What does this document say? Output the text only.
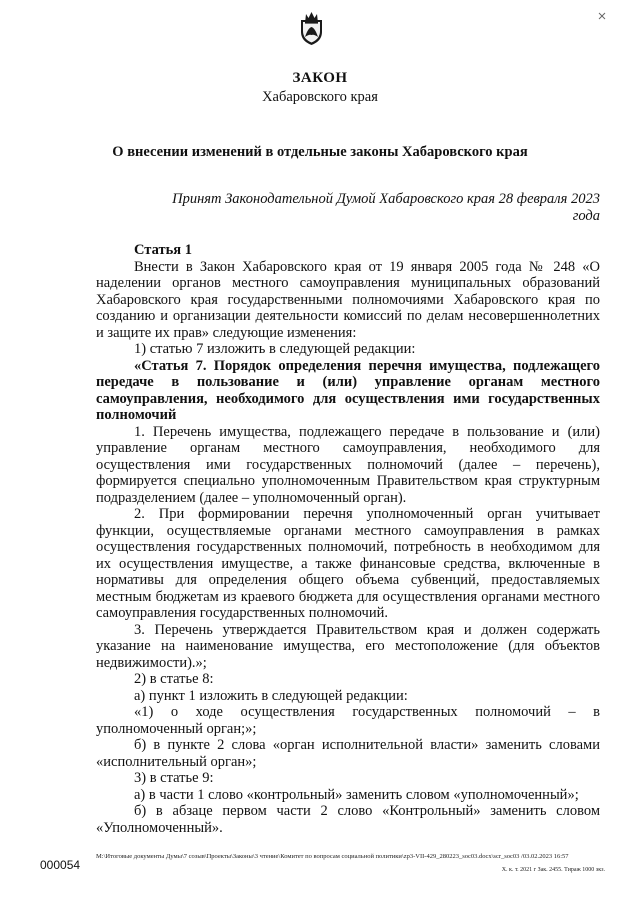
ЗАКОН
Хабаровского края
О внесении изменений в отдельные законы Хабаровского края
Принят Законодательной Думой Хабаровского края 28 февраля 2023 года

Статья 1

Внести в Закон Хабаровского края от 19 января 2005 года № 248 «О наделении органов местного самоуправления муниципальных образований Хабаровского края государственными полномочиями Хабаровского края по созданию и организации деятельности комиссий по делам несовершеннолетних и защите их прав» следующие изменения:

1) статью 7 изложить в следующей редакции:

«Статья 7. Порядок определения перечня имущества, подлежащего передаче в пользование и (или) управление органам местного самоуправления, необходимого для осуществления ими государственных полномочий

1. Перечень имущества, подлежащего передаче в пользование и (или) управление органам местного самоуправления, необходимого для осуществления ими государственных полномочий (далее – перечень), формируется специально уполномоченным Правительством края структурным подразделением (далее – уполномоченный орган).

2. При формировании перечня уполномоченный орган учитывает функции, осуществляемые органами местного самоуправления в рамках осуществления государственных полномочий, потребность в необходимом для их осуществления имуществе, а также финансовые средства, включенные в нормативы для определения общего объема субвенций, предоставляемых местным бюджетам из краевого бюджета для осуществления органами местного самоуправления государственных полномочий.

3. Перечень утверждается Правительством края и должен содержать указание на наименование имущества, его местоположение (для объектов недвижимости).»;

2) в статье 8:

а) пункт 1 изложить в следующей редакции:

«1) о ходе осуществления государственных полномочий – в уполномоченный орган;»;

б) в пункте 2 слова «орган исполнительной власти» заменить словами «исполнительный орган»;

3) в статье 9:

а) в части 1 слово «контрольный» заменить словом «уполномоченный»;

б) в абзаце первом части 2 слово «Контрольный» заменить словом «Уполномоченный».

000054
M:\Итоговые документы Думы\7 созыв\Проекты\Законы\3 чтение\Комитет по вопросам социальной политики\zp3-VII-429_280223_soc03.docx\scr_soc03 /03.02.2023 16:57
Х. к. т. 2021 г Зак. 2455. Тираж 1000 экз.
